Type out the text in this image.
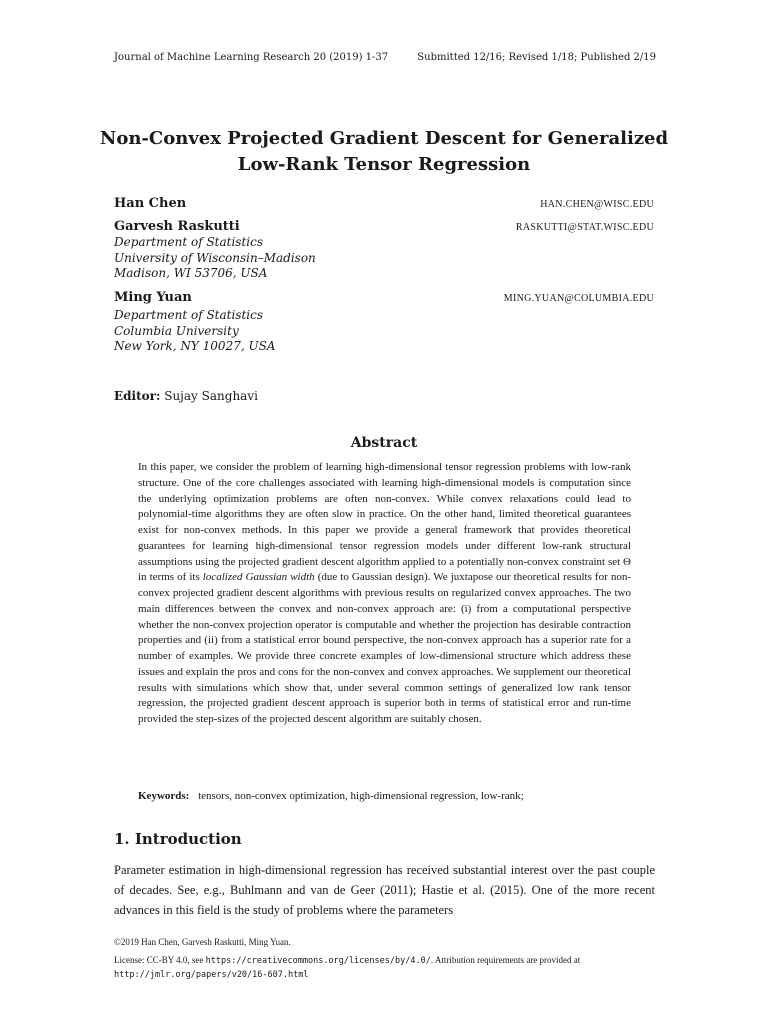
Journal of Machine Learning Research 20 (2019) 1-37	Submitted 12/16; Revised 1/18; Published 2/19
Non-Convex Projected Gradient Descent for Generalized
Low-Rank Tensor Regression
Han Chen	HAN.CHEN@WISC.EDU
Garvesh Raskutti	RASKUTTI@STAT.WISC.EDU
Department of Statistics
University of Wisconsin–Madison
Madison, WI 53706, USA
Ming Yuan	MING.YUAN@COLUMBIA.EDU
Department of Statistics
Columbia University
New York, NY 10027, USA
Editor: Sujay Sanghavi
Abstract
In this paper, we consider the problem of learning high-dimensional tensor regression problems with low-rank structure. One of the core challenges associated with learning high-dimensional models is computation since the underlying optimization problems are often non-convex. While convex relaxations could lead to polynomial-time algorithms they are often slow in practice. On the other hand, limited theoretical guarantees exist for non-convex methods. In this paper we provide a general framework that provides theoretical guarantees for learning high-dimensional tensor regression models under different low-rank structural assumptions using the projected gradient descent algorithm applied to a potentially non-convex constraint set Θ in terms of its localized Gaussian width (due to Gaussian design). We juxtapose our theoretical results for non-convex projected gradient descent algorithms with previous results on regularized convex approaches. The two main differences between the convex and non-convex approach are: (i) from a computational perspective whether the non-convex projection operator is computable and whether the projection has desirable contraction properties and (ii) from a statistical error bound perspective, the non-convex approach has a superior rate for a number of examples. We provide three concrete examples of low-dimensional structure which address these issues and explain the pros and cons for the non-convex and convex approaches. We supplement our theoretical results with simulations which show that, under several common settings of generalized low rank tensor regression, the projected gradient descent approach is superior both in terms of statistical error and run-time provided the step-sizes of the projected descent algorithm are suitably chosen.
Keywords: tensors, non-convex optimization, high-dimensional regression, low-rank;
1. Introduction
Parameter estimation in high-dimensional regression has received substantial interest over the past couple of decades. See, e.g., Buhlmann and van de Geer (2011); Hastie et al. (2015). One of the more recent advances in this field is the study of problems where the parameters
©2019 Han Chen, Garvesh Raskutti, Ming Yuan.
License: CC-BY 4.0, see https://creativecommons.org/licenses/by/4.0/. Attribution requirements are provided at http://jmlr.org/papers/v20/16-607.html
